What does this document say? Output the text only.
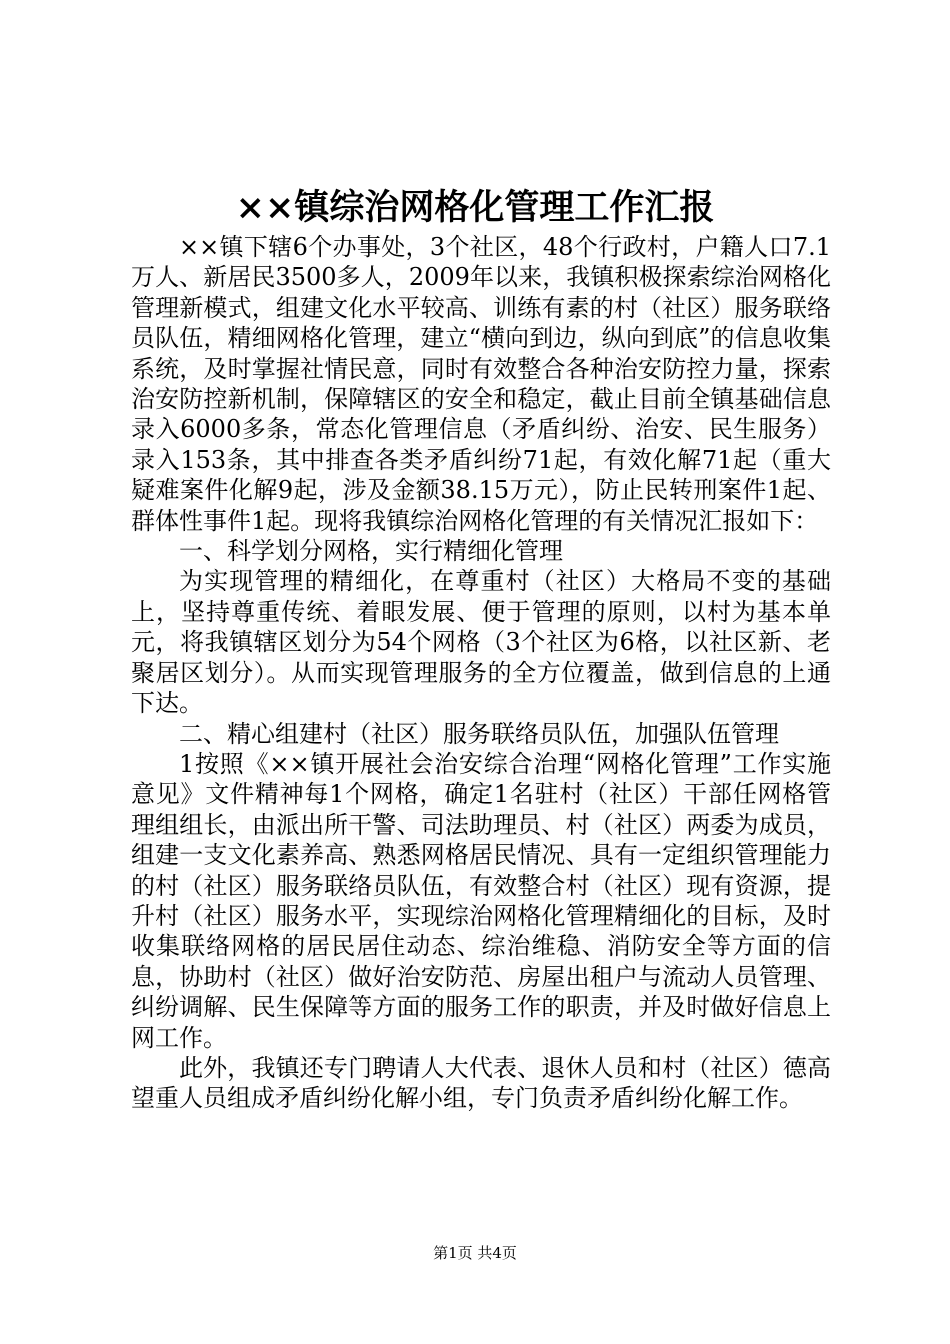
××镇综治网格化管理工作汇报

××镇下辖6个办事处，3个社区，48个行政村，户籍人口7.1万人、新居民3500多人，2009年以来，我镇积极探索综治网格化管理新模式，组建文化水平较高、训练有素的村（社区）服务联络员队伍，精细网格化管理，建立“横向到边，纵向到底”的信息收集系统，及时掌握社情民意，同时有效整合各种治安防控力量，探索治安防控新机制，保障辖区的安全和稳定，截止目前全镇基础信息录入6000多条，常态化管理信息（矛盾纠纷、治安、民生服务）录入153条，其中排查各类矛盾纠纷71起，有效化解71起（重大疑难案件化解9起，涉及金额38.15万元），防止民转刑案件1起、群体性事件1起。现将我镇综治网格化管理的有关情况汇报如下：

一、科学划分网格，实行精细化管理

为实现管理的精细化，在尊重村（社区）大格局不变的基础上，坚持尊重传统、着眼发展、便于管理的原则，以村为基本单元，将我镇辖区划分为54个网格（3个社区为6格，以社区新、老聚居区划分）。从而实现管理服务的全方位覆盖，做到信息的上通下达。

二、精心组建村（社区）服务联络员队伍，加强队伍管理

1按照《××镇开展社会治安综合治理“网格化管理”工作实施意见》文件精神每1个网格，确定1名驻村（社区）干部任网格管理组组长，由派出所干警、司法助理员、村（社区）两委为成员，组建一支文化素养高、熟悉网格居民情况、具有一定组织管理能力的村（社区）服务联络员队伍，有效整合村（社区）现有资源，提升村（社区）服务水平，实现综治网格化管理精细化的目标，及时收集联络网格的居民居住动态、综治维稳、消防安全等方面的信息，协助村（社区）做好治安防范、房屋出租户与流动人员管理、纠纷调解、民生保障等方面的服务工作的职责，并及时做好信息上网工作。

此外，我镇还专门聘请人大代表、退休人员和村（社区）德高望重人员组成矛盾纠纷化解小组，专门负责矛盾纠纷化解工作。

第1页 共4页
